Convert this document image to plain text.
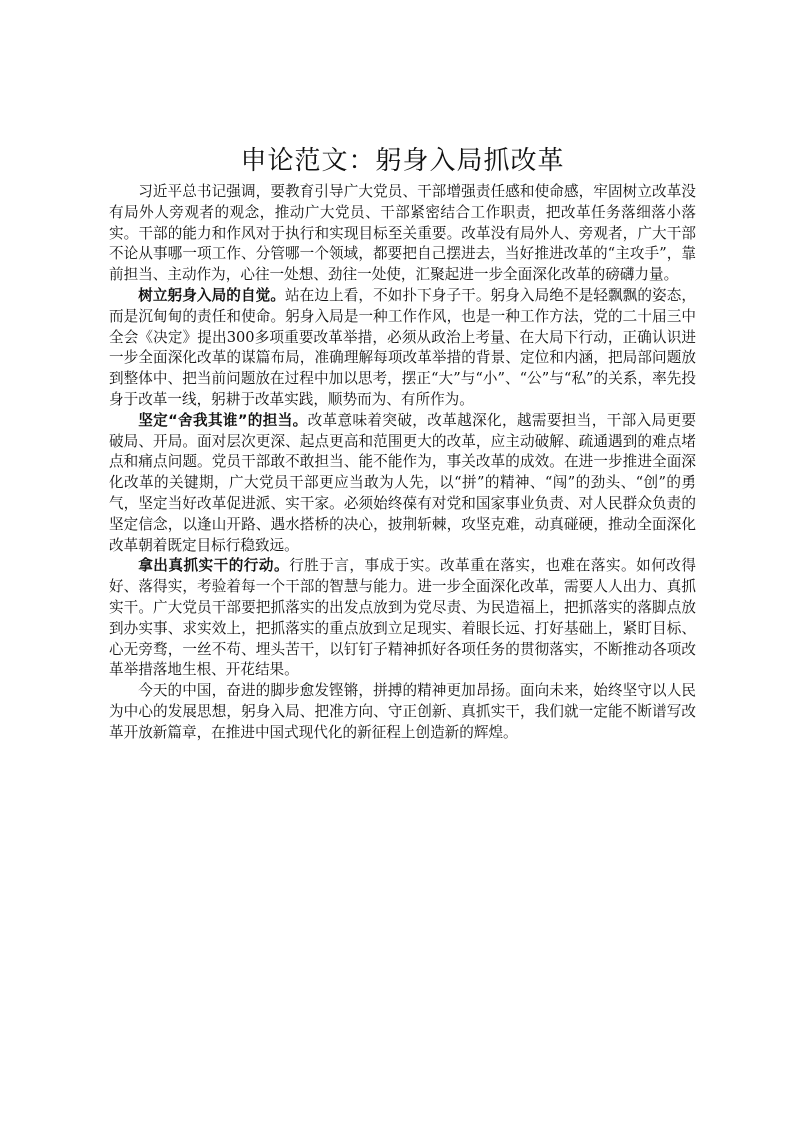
申论范文：躬身入局抓改革

习近平总书记强调，要教育引导广大党员、干部增强责任感和使命感，牢固树立改革没有局外人旁观者的观念，推动广大党员、干部紧密结合工作职责，把改革任务落细落小落实。干部的能力和作风对于执行和实现目标至关重要。改革没有局外人、旁观者，广大干部不论从事哪一项工作、分管哪一个领域，都要把自己摆进去，当好推进改革的“主攻手”，靠前担当、主动作为，心往一处想、劲往一处使，汇聚起进一步全面深化改革的磅礴力量。

树立躬身入局的自觉。站在边上看，不如扑下身子干。躬身入局绝不是轻飘飘的姿态，而是沉甸甸的责任和使命。躬身入局是一种工作作风，也是一种工作方法，党的二十届三中全会《决定》提出300多项重要改革举措，必须从政治上考量、在大局下行动，正确认识进一步全面深化改革的谋篇布局，准确理解每项改革举措的背景、定位和内涵，把局部问题放到整体中、把当前问题放在过程中加以思考，摆正“大”与“小”、“公”与“私”的关系，率先投身于改革一线，躬耕于改革实践，顺势而为、有所作为。

坚定“舍我其谁”的担当。改革意味着突破，改革越深化，越需要担当，干部入局更要破局、开局。面对层次更深、起点更高和范围更大的改革，应主动破解、疏通遇到的难点堵点和痛点问题。党员干部敢不敢担当、能不能作为，事关改革的成效。在进一步推进全面深化改革的关键期，广大党员干部更应当敢为人先，以“拼”的精神、“闯”的劲头、“创”的勇气，坚定当好改革促进派、实干家。必须始终葆有对党和国家事业负责、对人民群众负责的坚定信念，以逢山开路、遇水搭桥的决心，披荆斩棘，攻坚克难，动真碰硬，推动全面深化改革朝着既定目标行稳致远。

拿出真抓实干的行动。行胜于言，事成于实。改革重在落实，也难在落实。如何改得好、落得实，考验着每一个干部的智慧与能力。进一步全面深化改革，需要人人出力、真抓实干。广大党员干部要把抓落实的出发点放到为党尽责、为民造福上，把抓落实的落脚点放到办实事、求实效上，把抓落实的重点放到立足现实、着眼长远、打好基础上，紧盯目标、心无旁骛，一丝不苟、埋头苦干，以钉钉子精神抓好各项任务的贯彻落实，不断推动各项改革举措落地生根、开花结果。

今天的中国，奋进的脚步愈发铿锵，拼搏的精神更加昂扬。面向未来，始终坚守以人民为中心的发展思想，躬身入局、把准方向、守正创新、真抓实干，我们就一定能不断谱写改革开放新篇章，在推进中国式现代化的新征程上创造新的辉煌。
